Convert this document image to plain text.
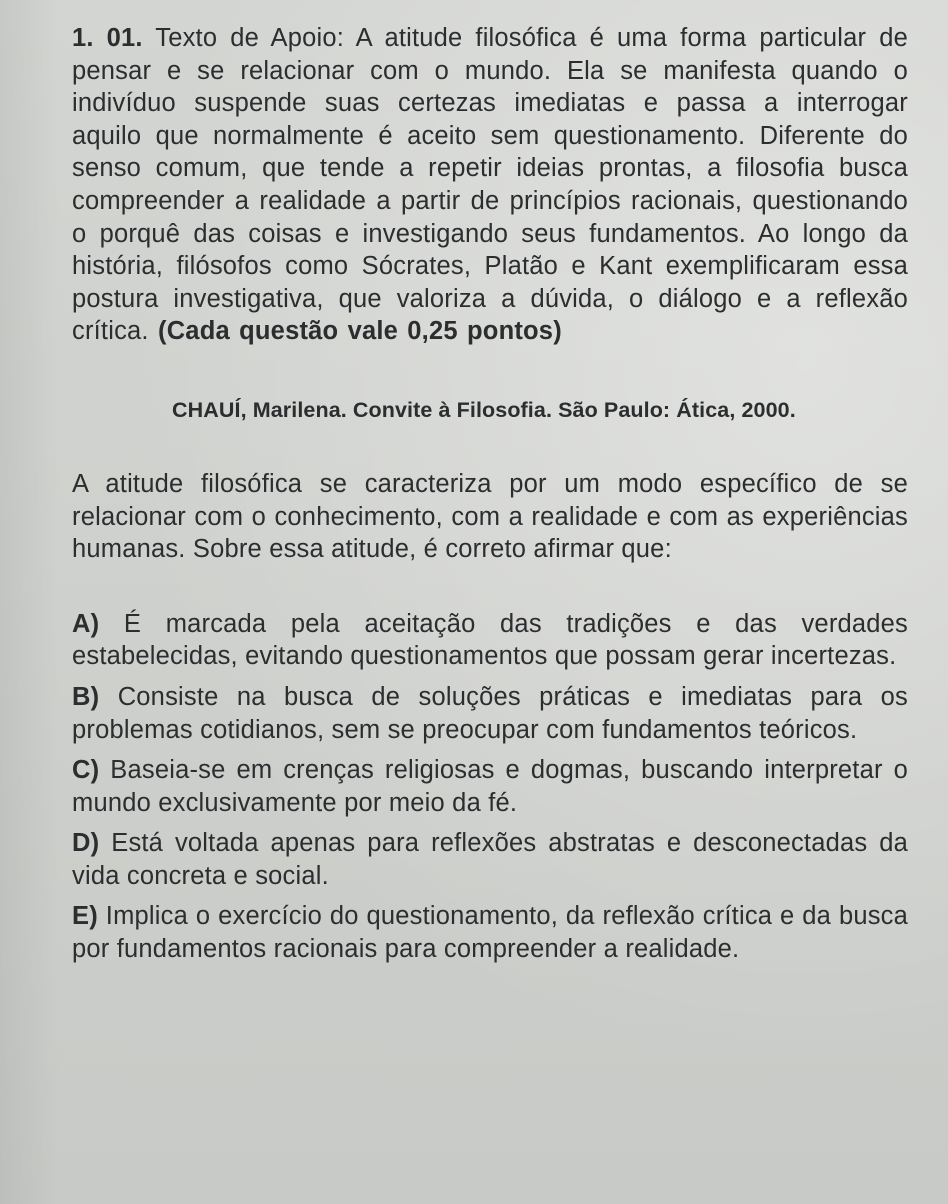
1. 01. Texto de Apoio: A atitude filosófica é uma forma particular de pensar e se relacionar com o mundo. Ela se manifesta quando o indivíduo suspende suas certezas imediatas e passa a interrogar aquilo que normalmente é aceito sem questionamento. Diferente do senso comum, que tende a repetir ideias prontas, a filosofia busca compreender a realidade a partir de princípios racionais, questionando o porquê das coisas e investigando seus fundamentos. Ao longo da história, filósofos como Sócrates, Platão e Kant exemplificaram essa postura investigativa, que valoriza a dúvida, o diálogo e a reflexão crítica. (Cada questão vale 0,25 pontos)

CHAUÍ, Marilena. Convite à Filosofia. São Paulo: Ática, 2000.

A atitude filosófica se caracteriza por um modo específico de se relacionar com o conhecimento, com a realidade e com as experiências humanas. Sobre essa atitude, é correto afirmar que:

A) É marcada pela aceitação das tradições e das verdades estabelecidas, evitando questionamentos que possam gerar incertezas.
B) Consiste na busca de soluções práticas e imediatas para os problemas cotidianos, sem se preocupar com fundamentos teóricos.
C) Baseia-se em crenças religiosas e dogmas, buscando interpretar o mundo exclusivamente por meio da fé.
D) Está voltada apenas para reflexões abstratas e desconectadas da vida concreta e social.
E) Implica o exercício do questionamento, da reflexão crítica e da busca por fundamentos racionais para compreender a realidade.
